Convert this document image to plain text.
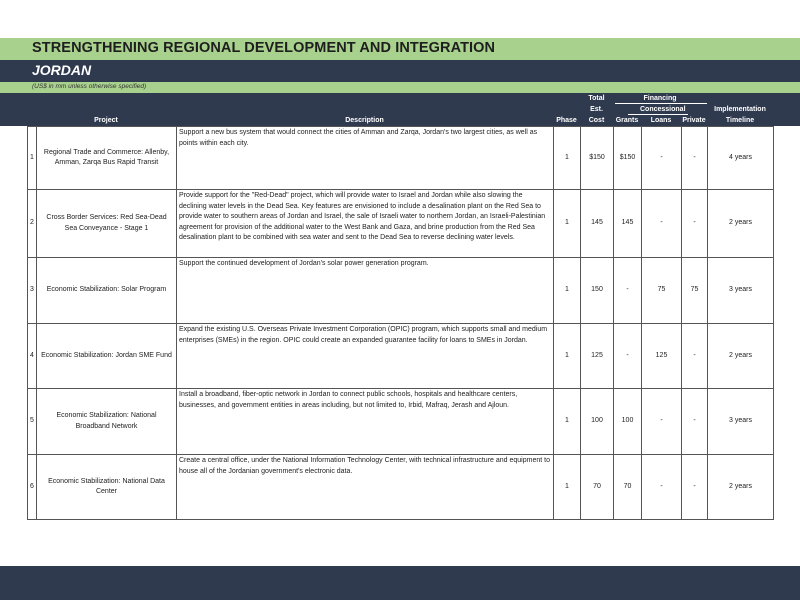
STRENGTHENING REGIONAL DEVELOPMENT AND INTEGRATION
JORDAN
(US$ in mm unless otherwise specified)
Project	Description	Phase
Total
Est.
Cost
Financing
Concessional
Grants	Loans	Private
Implementation
Timeline
1	Regional Trade and Commerce: Allenby, Amman, Zarqa Bus Rapid Transit	Support a new bus system that would connect the cities of Amman and Zarqa, Jordan's two largest cities, as well as points within each city.	1	$150	$150	-	-	4 years
2	Cross Border Services: Red Sea-Dead Sea Conveyance - Stage 1	Provide support for the "Red-Dead" project, which will provide water to Israel and Jordan while also slowing the declining water levels in the Dead Sea. Key features are envisioned to include a desalination plant on the Red Sea to provide water to southern areas of Jordan and Israel, the sale of Israeli water to northern Jordan, an Israeli-Palestinian agreement for provision of the additional water to the West Bank and Gaza, and brine production from the Red Sea desalination plant to be combined with sea water and sent to the Dead Sea to reverse declining water levels.	1	145	145	-	-	2 years
3	Economic Stabilization: Solar Program	Support the continued development of Jordan's solar power generation program.	1	150	-	75	75	3 years
4	Economic Stabilization: Jordan SME Fund	Expand the existing U.S. Overseas Private Investment Corporation (OPIC) program, which supports small and medium enterprises (SMEs) in the region. OPIC could create an expanded guarantee facility for loans to SMEs in Jordan.	1	125	-	125	-	2 years
5	Economic Stabilization: National Broadband Network	Install a broadband, fiber-optic network in Jordan to connect public schools, hospitals and healthcare centers, businesses, and government entities in areas including, but not limited to, Irbid, Mafraq, Jerash and Ajloun.	1	100	100	-	-	3 years
6	Economic Stabilization: National Data Center	Create a central office, under the National Information Technology Center, with technical infrastructure and equipment to house all of the Jordanian government's electronic data.	1	70	70	-	-	2 years
